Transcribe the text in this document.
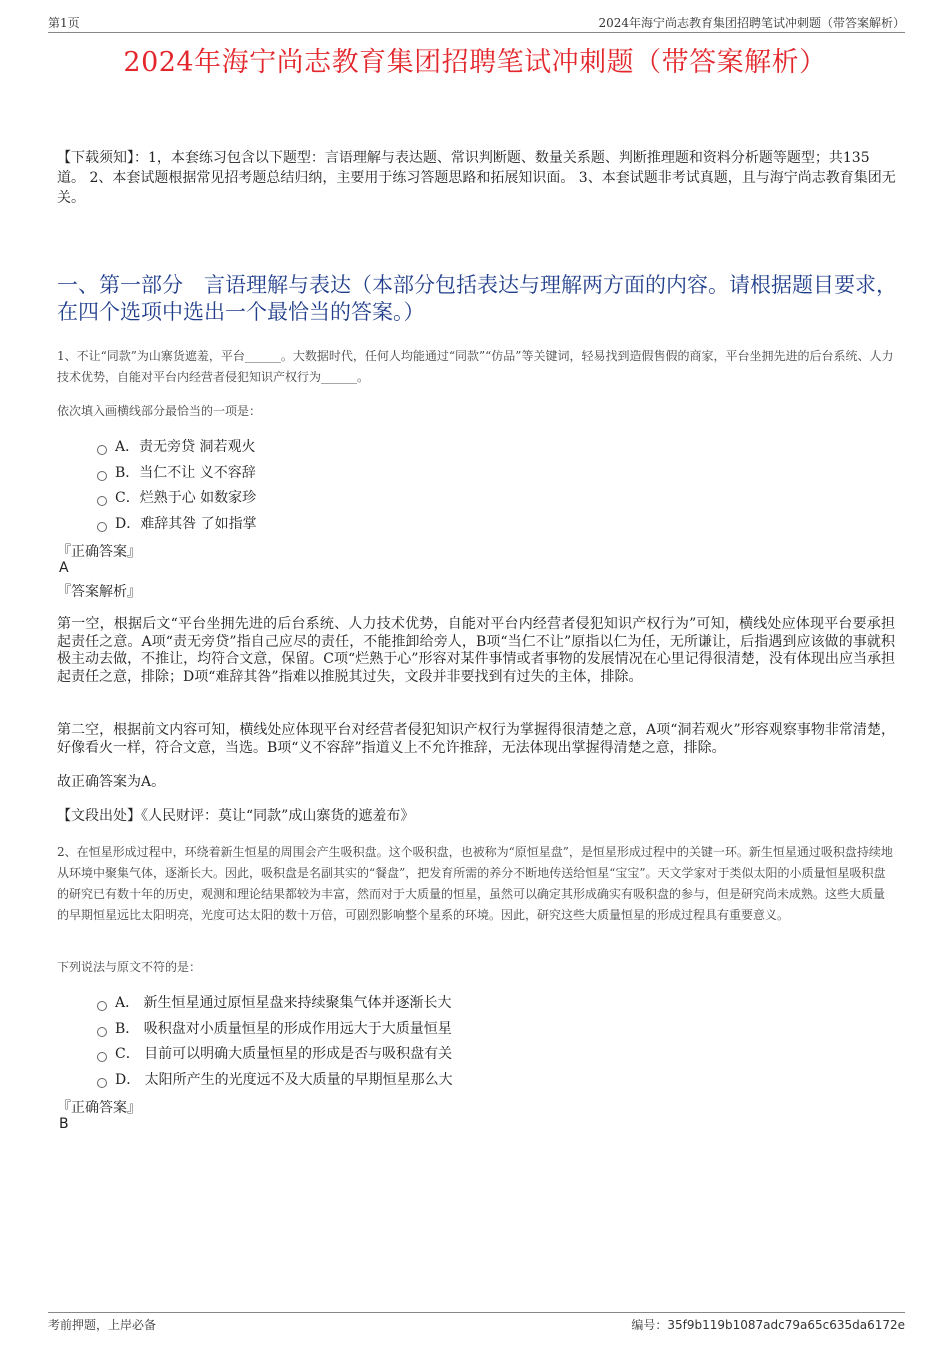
第1页	2024年海宁尚志教育集团招聘笔试冲刺题（带答案解析）
2024年海宁尚志教育集团招聘笔试冲刺题（带答案解析）
【下载须知】：1，本套练习包含以下题型：言语理解与表达题、常识判断题、数量关系题、判断推理题和资料分析题等题型；共135道。 2、本套试题根据常见招考题总结归纳，主要用于练习答题思路和拓展知识面。 3、本套试题非考试真题，且与海宁尚志教育集团无关。
一、第一部分　言语理解与表达（本部分包括表达与理解两方面的内容。请根据题目要求，在四个选项中选出一个最恰当的答案。）
1、不让“同款”为山寨货遮羞，平台______。大数据时代，任何人均能通过“同款”“仿品”等关键词，轻易找到造假售假的商家，平台坐拥先进的后台系统、人力技术优势，自能对平台内经营者侵犯知识产权行为______。
依次填入画横线部分最恰当的一项是：
A．责无旁贷 洞若观火
B．当仁不让 义不容辞
C．烂熟于心 如数家珍
D．难辞其咎 了如指掌
『正确答案』
A
『答案解析』
第一空，根据后文“平台坐拥先进的后台系统、人力技术优势，自能对平台内经营者侵犯知识产权行为”可知，横线处应体现平台要承担起责任之意。A项“责无旁贷”指自己应尽的责任，不能推卸给旁人，B项“当仁不让”原指以仁为任，无所谦让，后指遇到应该做的事就积极主动去做，不推让，均符合文意，保留。C项“烂熟于心”形容对某件事情或者事物的发展情况在心里记得很清楚，没有体现出应当承担起责任之意，排除；D项“难辞其咎”指难以推脱其过失，文段并非要找到有过失的主体，排除。
第二空，根据前文内容可知，横线处应体现平台对经营者侵犯知识产权行为掌握得很清楚之意，A项“洞若观火”形容观察事物非常清楚，好像看火一样，符合文意，当选。B项“义不容辞”指道义上不允许推辞，无法体现出掌握得清楚之意，排除。
故正确答案为A。
【文段出处】《人民财评：莫让“同款”成山寨货的遮羞布》
2、在恒星形成过程中，环绕着新生恒星的周围会产生吸积盘。这个吸积盘，也被称为“原恒星盘”，是恒星形成过程中的关键一环。新生恒星通过吸积盘持续地从环境中聚集气体，逐渐长大。因此，吸积盘是名副其实的“餐盘”，把发育所需的养分不断地传送给恒星“宝宝”。天文学家对于类似太阳的小质量恒星吸积盘的研究已有数十年的历史，观测和理论结果都较为丰富，然而对于大质量的恒星，虽然可以确定其形成确实有吸积盘的参与，但是研究尚未成熟。这些大质量的早期恒星远比太阳明亮，光度可达太阳的数十万倍，可剧烈影响整个星系的环境。因此，研究这些大质量恒星的形成过程具有重要意义。
下列说法与原文不符的是：
A． 新生恒星通过原恒星盘来持续聚集气体并逐渐长大
B． 吸积盘对小质量恒星的形成作用远大于大质量恒星
C． 目前可以明确大质量恒星的形成是否与吸积盘有关
D． 太阳所产生的光度远不及大质量的早期恒星那么大
『正确答案』
B
考前押题，上岸必备	编号：35f9b119b1087adc79a65c635da6172e
